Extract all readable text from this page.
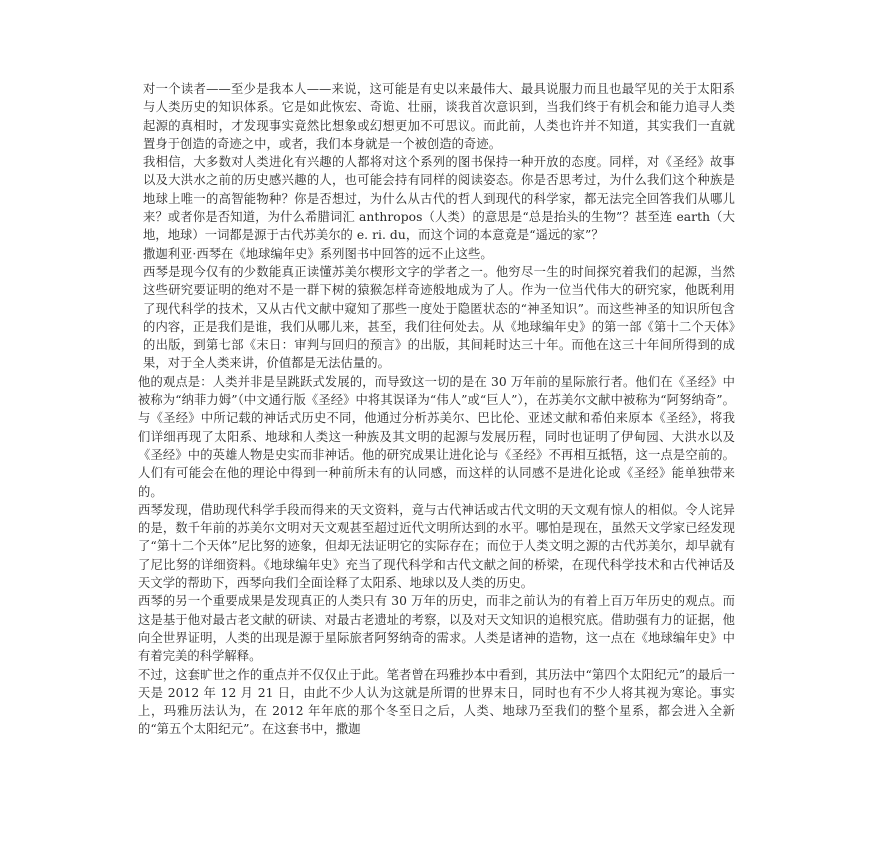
对一个读者——至少是我本人——来说，这可能是有史以来最伟大、最具说服力而且也最罕见的关于太阳系与人类历史的知识体系。它是如此恢宏、奇诡、壮丽，谈我首次意识到，当我们终于有机会和能力追寻人类起源的真相时，才发现事实竟然比想象或幻想更加不可思议。而此前，人类也许并不知道，其实我们一直就置身于创造的奇迹之中，或者，我们本身就是一个被创造的奇迹。

我相信，大多数对人类进化有兴趣的人都将对这个系列的图书保持一种开放的态度。同样，对《圣经》故事以及大洪水之前的历史感兴趣的人，也可能会持有同样的阅读姿态。你是否思考过，为什么我们这个种族是地球上唯一的高智能物种？你是否想过，为什么从古代的哲人到现代的科学家，都无法完全回答我们从哪儿来？或者你是否知道，为什么希腊词汇 anthropos（人类）的意思是“总是抬头的生物”？甚至连 earth（大地，地球）一词都是源于古代苏美尔的 e. ri. du，而这个词的本意竟是“遥远的家”？

撒迦利亚·西琴在《地球编年史》系列图书中回答的远不止这些。

西琴是现今仅有的少数能真正读懂苏美尔楔形文字的学者之一。他穷尽一生的时间探究着我们的起源，当然这些研究要证明的绝对不是一群下树的猿猴怎样奇迹般地成为了人。作为一位当代伟大的研究家，他既利用了现代科学的技术，又从古代文献中窥知了那些一度处于隐匿状态的“神圣知识”。而这些神圣的知识所包含的内容，正是我们是谁，我们从哪儿来，甚至，我们往何处去。从《地球编年史》的第一部《第十二个天体》的出版，到第七部《末日：审判与回归的预言》的出版，其间耗时达三十年。而他在这三十年间所得到的成果，对于全人类来讲，价值都是无法估量的。

他的观点是：人类并非是呈跳跃式发展的，而导致这一切的是在 30 万年前的星际旅行者。他们在《圣经》中被称为“纳菲力姆”（中文通行版《圣经》中将其误译为“伟人”或“巨人”），在苏美尔文献中被称为“阿努纳奇”。与《圣经》中所记载的神话式历史不同，他通过分析苏美尔、巴比伦、亚述文献和希伯来原本《圣经》，将我们详细再现了太阳系、地球和人类这一种族及其文明的起源与发展历程，同时也证明了伊甸园、大洪水以及《圣经》中的英雄人物是史实而非神话。他的研究成果让进化论与《圣经》不再相互抵牾，这一点是空前的。人们有可能会在他的理论中得到一种前所未有的认同感，而这样的认同感不是进化论或《圣经》能单独带来的。

西琴发现，借助现代科学手段而得来的天文资料，竟与古代神话或古代文明的天文观有惊人的相似。令人诧异的是，数千年前的苏美尔文明对天文观甚至超过近代文明所达到的水平。哪怕是现在，虽然天文学家已经发现了“第十二个天体”尼比努的迹象，但却无法证明它的实际存在；而位于人类文明之源的古代苏美尔，却早就有了尼比努的详细资料。《地球编年史》充当了现代科学和古代文献之间的桥梁，在现代科学技术和古代神话及天文学的帮助下，西琴向我们全面诠释了太阳系、地球以及人类的历史。

西琴的另一个重要成果是发现真正的人类只有 30 万年的历史，而非之前认为的有着上百万年历史的观点。而这是基于他对最古老文献的研读、对最古老遗址的考察，以及对天文知识的追根究底。借助强有力的证据，他向全世界证明，人类的出现是源于星际旅者阿努纳奇的需求。人类是诸神的造物，这一点在《地球编年史》中有着完美的科学解释。

不过，这套旷世之作的重点并不仅仅止于此。笔者曾在玛雅抄本中看到，其历法中“第四个太阳纪元”的最后一天是 2012 年 12 月 21 日，由此不少人认为这就是所谓的世界末日，同时也有不少人将其视为寒论。事实上，玛雅历法认为，在 2012 年年底的那个冬至日之后，人类、地球乃至我们的整个星系，都会进入全新的“第五个太阳纪元”。在这套书中，撒迦
